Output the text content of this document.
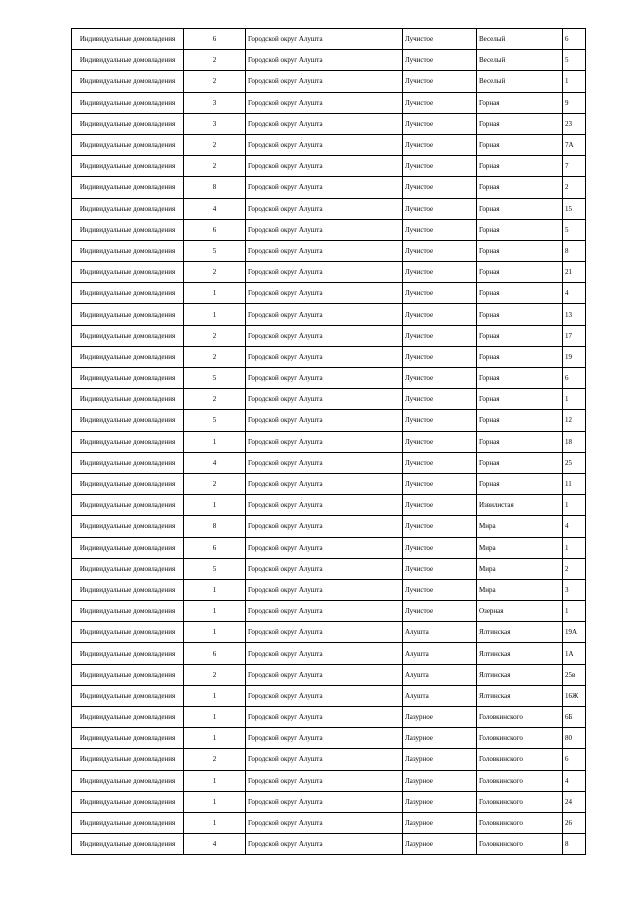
Индивидуальные домовладения	6	Городской округ Алушта	Лучистое	Веселый	6
Индивидуальные домовладения	2	Городской округ Алушта	Лучистое	Веселый	5
Индивидуальные домовладения	2	Городской округ Алушта	Лучистое	Веселый	1
Индивидуальные домовладения	3	Городской округ Алушта	Лучистое	Горная	9
Индивидуальные домовладения	3	Городской округ Алушта	Лучистое	Горная	23
Индивидуальные домовладения	2	Городской округ Алушта	Лучистое	Горная	7А
Индивидуальные домовладения	2	Городской округ Алушта	Лучистое	Горная	7
Индивидуальные домовладения	8	Городской округ Алушта	Лучистое	Горная	2
Индивидуальные домовладения	4	Городской округ Алушта	Лучистое	Горная	15
Индивидуальные домовладения	6	Городской округ Алушта	Лучистое	Горная	5
Индивидуальные домовладения	5	Городской округ Алушта	Лучистое	Горная	8
Индивидуальные домовладения	2	Городской округ Алушта	Лучистое	Горная	21
Индивидуальные домовладения	1	Городской округ Алушта	Лучистое	Горная	4
Индивидуальные домовладения	1	Городской округ Алушта	Лучистое	Горная	13
Индивидуальные домовладения	2	Городской округ Алушта	Лучистое	Горная	17
Индивидуальные домовладения	2	Городской округ Алушта	Лучистое	Горная	19
Индивидуальные домовладения	5	Городской округ Алушта	Лучистое	Горная	6
Индивидуальные домовладения	2	Городской округ Алушта	Лучистое	Горная	1
Индивидуальные домовладения	5	Городской округ Алушта	Лучистое	Горная	12
Индивидуальные домовладения	1	Городской округ Алушта	Лучистое	Горная	18
Индивидуальные домовладения	4	Городской округ Алушта	Лучистое	Горная	25
Индивидуальные домовладения	2	Городской округ Алушта	Лучистое	Горная	11
Индивидуальные домовладения	1	Городской округ Алушта	Лучистое	Извилистая	1
Индивидуальные домовладения	8	Городской округ Алушта	Лучистое	Мира	4
Индивидуальные домовладения	6	Городской округ Алушта	Лучистое	Мира	1
Индивидуальные домовладения	5	Городской округ Алушта	Лучистое	Мира	2
Индивидуальные домовладения	1	Городской округ Алушта	Лучистое	Мира	3
Индивидуальные домовладения	1	Городской округ Алушта	Лучистое	Озерная	1
Индивидуальные домовладения	1	Городской округ Алушта	Алушта	Ялтинская	19А
Индивидуальные домовладения	6	Городской округ Алушта	Алушта	Ялтинская	1А
Индивидуальные домовладения	2	Городской округ Алушта	Алушта	Ялтинская	25в
Индивидуальные домовладения	1	Городской округ Алушта	Алушта	Ялтинская	16Ж
Индивидуальные домовладения	1	Городской округ Алушта	Лазурное	Головкинского	6Б
Индивидуальные домовладения	1	Городской округ Алушта	Лазурное	Головкинского	80
Индивидуальные домовладения	2	Городской округ Алушта	Лазурное	Головкинского	6
Индивидуальные домовладения	1	Городской округ Алушта	Лазурное	Головкинского	4
Индивидуальные домовладения	1	Городской округ Алушта	Лазурное	Головкинского	24
Индивидуальные домовладения	1	Городской округ Алушта	Лазурное	Головкинского	26
Индивидуальные домовладения	4	Городской округ Алушта	Лазурное	Головкинского	8
